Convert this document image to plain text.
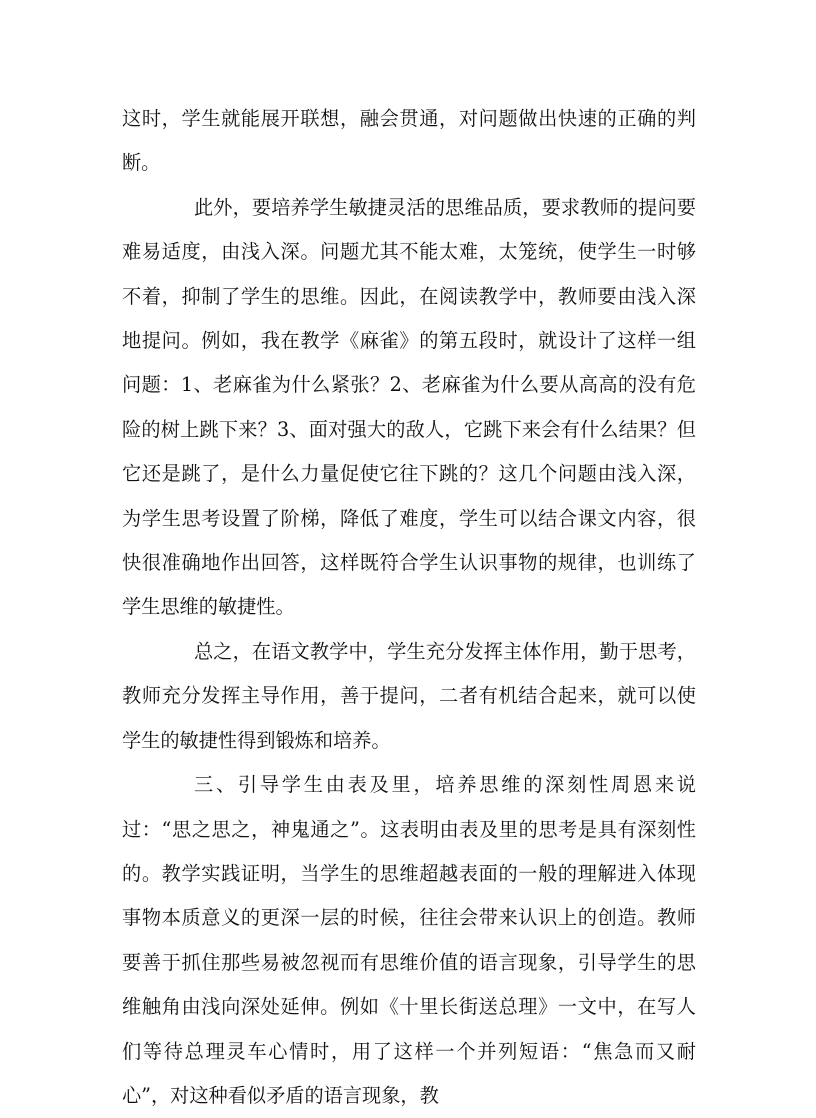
这时，学生就能展开联想，融会贯通，对问题做出快速的正确的判断。

此外，要培养学生敏捷灵活的思维品质，要求教师的提问要难易适度，由浅入深。问题尤其不能太难，太笼统，使学生一时够不着，抑制了学生的思维。因此，在阅读教学中，教师要由浅入深地提问。例如，我在教学《麻雀》的第五段时，就设计了这样一组问题：1、老麻雀为什么紧张？2、老麻雀为什么要从高高的没有危险的树上跳下来？3、面对强大的敌人，它跳下来会有什么结果？但它还是跳了，是什么力量促使它往下跳的？这几个问题由浅入深，为学生思考设置了阶梯，降低了难度，学生可以结合课文内容，很快很准确地作出回答，这样既符合学生认识事物的规律，也训练了学生思维的敏捷性。

总之，在语文教学中，学生充分发挥主体作用，勤于思考，教师充分发挥主导作用，善于提问，二者有机结合起来，就可以使学生的敏捷性得到锻炼和培养。

三、引导学生由表及里，培养思维的深刻性周恩来说过：“思之思之，神鬼通之”。这表明由表及里的思考是具有深刻性的。教学实践证明，当学生的思维超越表面的一般的理解进入体现事物本质意义的更深一层的时候，往往会带来认识上的创造。教师要善于抓住那些易被忽视而有思维价值的语言现象，引导学生的思维触角由浅向深处延伸。例如《十里长街送总理》一文中，在写人们等待总理灵车心情时，用了这样一个并列短语：“焦急而又耐心”，对这种看似矛盾的语言现象，教
